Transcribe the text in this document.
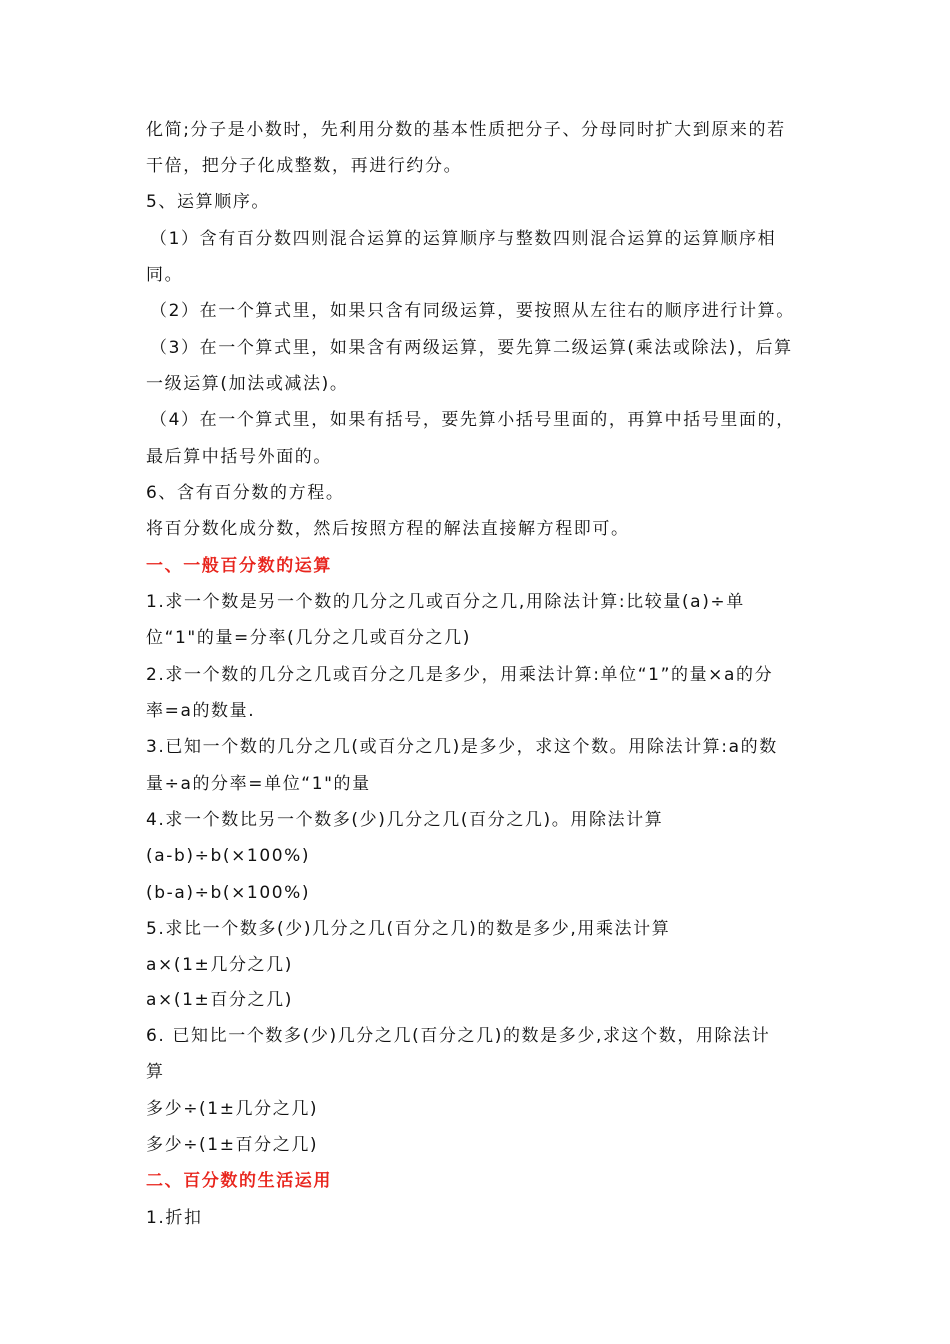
化简;分子是小数时，先利用分数的基本性质把分子、分母同时扩大到原来的若
干倍，把分子化成整数，再进行约分。
5、运算顺序。
（1）含有百分数四则混合运算的运算顺序与整数四则混合运算的运算顺序相
同。
（2）在一个算式里，如果只含有同级运算，要按照从左往右的顺序进行计算。
（3）在一个算式里，如果含有两级运算，要先算二级运算(乘法或除法)，后算
一级运算(加法或减法)。
（4）在一个算式里，如果有括号，要先算小括号里面的，再算中括号里面的，
最后算中括号外面的。
6、含有百分数的方程。
将百分数化成分数，然后按照方程的解法直接解方程即可。
一、一般百分数的运算
1.求一个数是另一个数的几分之几或百分之几,用除法计算:比较量(a)÷单
位“1"的量=分率(几分之几或百分之几)
2.求一个数的几分之几或百分之几是多少，用乘法计算:单位“1”的量×a的分
率=a的数量.
3.已知一个数的几分之几(或百分之几)是多少，求这个数。用除法计算:a的数
量÷a的分率=单位“1"的量
4.求一个数比另一个数多(少)几分之几(百分之几)。用除法计算
(a-b)÷b(×100%)
(b-a)÷b(×100%)
5.求比一个数多(少)几分之几(百分之几)的数是多少,用乘法计算
a×(1±几分之几)
a×(1±百分之几)
6. 已知比一个数多(少)几分之几(百分之几)的数是多少,求这个数，用除法计
算
多少÷(1±几分之几)
多少÷(1±百分之几)
二、百分数的生活运用
1.折扣
